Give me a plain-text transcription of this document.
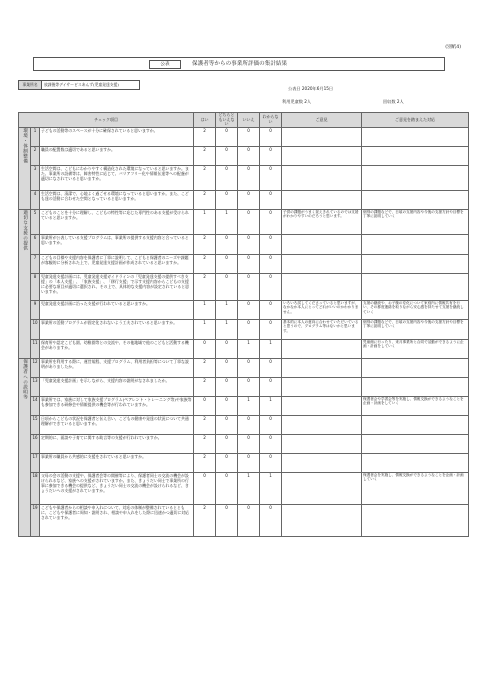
(別紙4)
公表	保護者等からの事業所評価の集計結果
事業所名	放課後等デイサービスあんず(児童発達支援)
公表日 2020年6月15日
利用児童数 2人	回収数 2人
チェック項目			はい	どちらともいえない	いいえ	わからない	ご意見	ご意見を踏まえた対応
環境・体制整備	1	子どもの活動等のスペースが十分に確保されていると思いますか。	2	0	0	0		
	2	職員の配置数は適切であると思いますか。	2	0	0	0		
	3	生活空間は、こどもにわかりやすく構造化された環境になっていると思いますか。また、事業所の設備等は、障害特性に応じて、バリアフリー化や情報伝達等への配慮が適切になされていると思いますか。	2	0	0	0		
	4	生活空間は、清潔で、心地よく過ごせる環境になっていると思いますか。また、こども達の活動に合わせた空間となっていると思いますか。	2	0	0	0		
適切な支援の提供	5	こどものことを十分に理解し、こどもの特性等に応じた専門性のある支援が受けられていると思いますか。	1	1	0	0	子供の課題がうまく捉えきれているのでは支援がわかりやすいのだろうと思います。	個別の課題などで、日頃の支援内容や今後の支援方針や目標を丁寧に説明していく
	6	事業所が公表している支援プログラムは、事業所の提供する支援内容と合っていると思いますか。	2	0	0	0		
	7	こどもの目標や支援内容を保護者に丁寧に説明して、こどもと保護者のニーズや課題が客観的に分析された上で、児童発達支援計画が作成されていると思いますか。	2	0	0	0		
	8	児童発達支援計画には、児童発達支援ガイドラインの「児童発達支援の提供すべき支援」の「本人支援」、「家族支援」、「移行支援」で示す支援内容からこどもの支援に必要な項目が適切に選択され、その上で、具体的な支援内容が設定されていると思いますか。	2	0	0	0		
	9	児童発達支援計画に沿った支援が行われていると思いますか。	1	1	0	0	いろいろ試してくださっていると思いますが、なかなか本人にとってどれがいいのかわかりません。	支援の継続や、お子様の変化について家庭内に情報共有を行い、その都度連絡を取りながら安心感を持たせて支援を継続していく
	10	事業所の活動プログラムが固定化されないよう工夫されていると思いますか。	1	1	0	0	基本的に本人の意向に合わせていただいていると思うので、プログラム等はないかと思います。	個別の課題などで、日頃の支援内容や今後の支援方針や目標を丁寧に説明していく
	11	保育所や認定こども園、幼稚園等との交流や、その他地域で他のこどもと活動する機会がありますか。	0	0	1	1		児童館に行ったり、来月事業所と合同で活動ができるように企画・計画をしていく
保護者への説明等	12	事業所を利用する際に、運営規程、支援プログラム、利用者負担等について丁寧な説明がありましたか。	2	0	0	0		
	13	「児童発達支援計画」を示しながら、支援内容の説明がなされましたか。	2	0	0	0		
	14	事業所では、家族に対して家族支援プログラム(ペアレント・トレーニング等)や家族等も参加できる研修会や情報提供の機会等が行われていますか。	0	0	1	1		保護者会や学習会等を実施し、情報交換ができるようなことを企画・計画をしていく
	15	日頃からこどもの状況を保護者と伝え合い、こどもの健康や発達の状況について共通理解ができていると思いますか。	2	0	0	0		
	16	定期的に、面談や子育てに関する助言等の支援が行われていますか。	2	0	0	0		
	17	事業所の職員から共感的に支援をされていると思いますか。	2	0	0	0		
	18	父母の会の活動の支援や、保護者会等の開催等により、保護者同士の交流の機会が設けられるなど、家族への支援がされていますか。また、きょうだい同士で事業所の行事に参加できる機会の提供など、きょうだい同士の交流の機会が設けられるなど、きょうだいへの支援がされていますか。	0	0	1	1		保護者会を実施し、情報交換ができるようなことを企画・計画していく
	19	こどもや保護者からの相談や申入れについて、対応の体制が整備されているとともに、こどもや保護者に周知・説明され、相談や申入れをした際に迅速かつ適切に対応されていますか。	2	0	0	0		
